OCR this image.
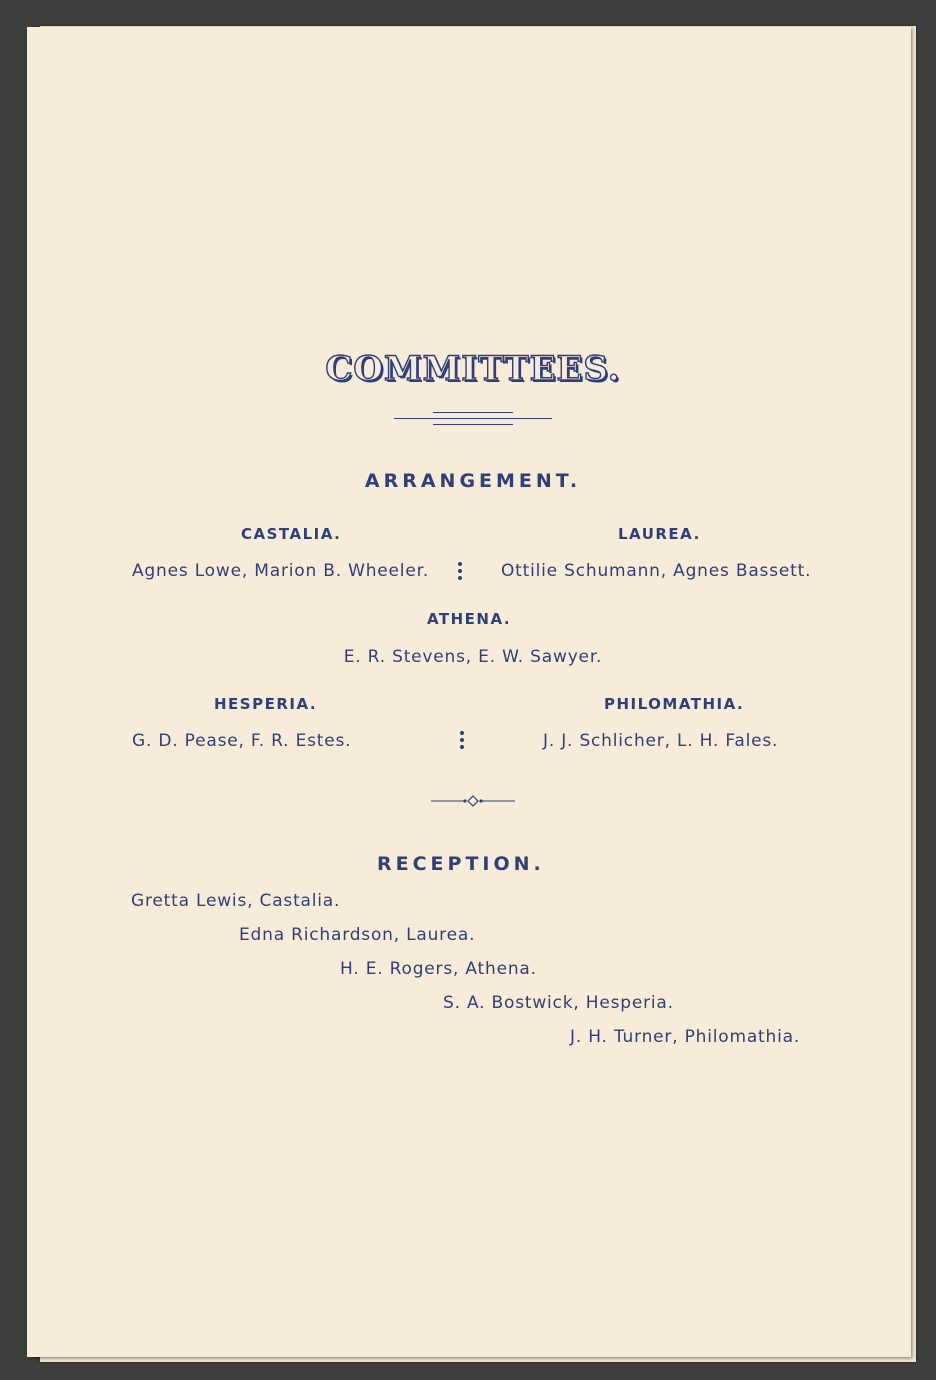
COMMITTEES.
ARRANGEMENT.
CASTALIA.	LAUREA.
Agnes Lowe, Marion B. Wheeler.	Ottilie Schumann, Agnes Bassett.
ATHENA.
E. R. Stevens, E. W. Sawyer.
HESPERIA.	PHILOMATHIA.
G. D. Pease, F. R. Estes.	J. J. Schlicher, L. H. Fales.
RECEPTION.
Gretta Lewis, Castalia.
Edna Richardson, Laurea.
H. E. Rogers, Athena.
S. A. Bostwick, Hesperia.
J. H. Turner, Philomathia.
